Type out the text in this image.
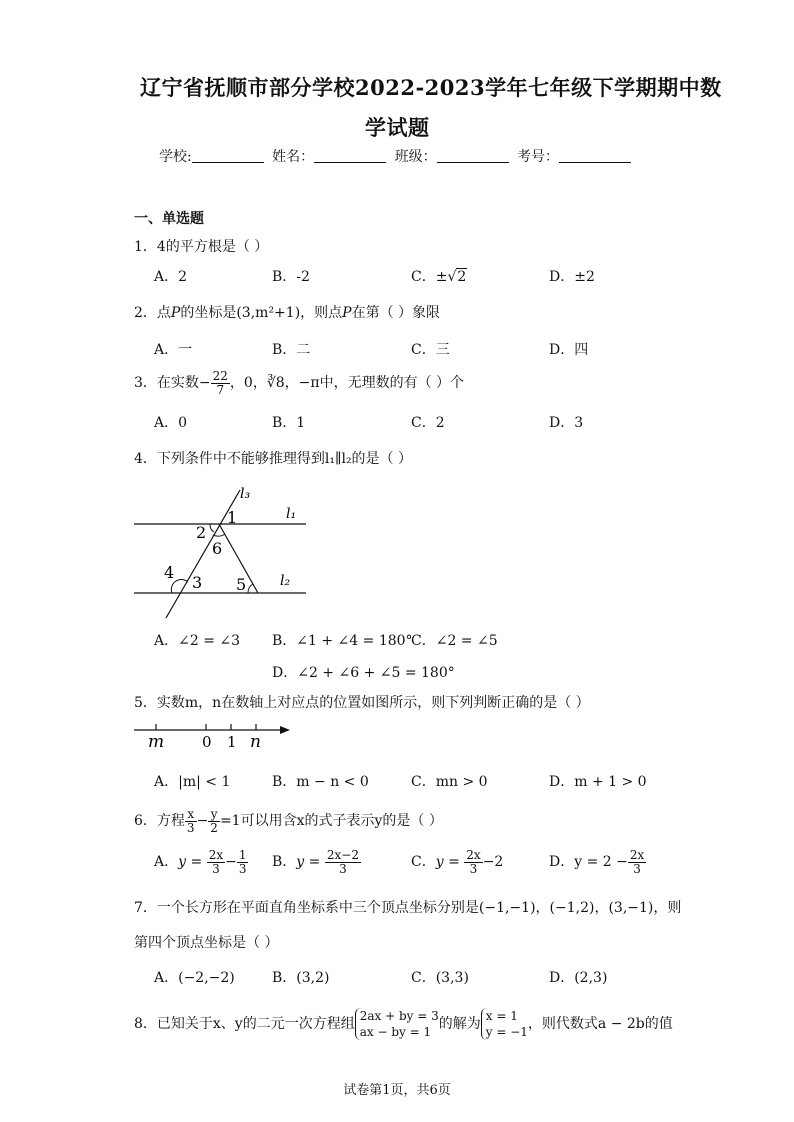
辽宁省抚顺市部分学校2022-2023学年七年级下学期期中数
学试题
学校:	姓名：	班级：	考号：
一、单选题
1．4的平方根是（ ）
A．2	B．-2	C．±√2	D．±2
2．点P的坐标是(3,m²+1)，则点P在第（ ）象限
A．一	B．二	C．三	D．四
3．在实数− $\frac{22}{7}$ ，0，∛8，−π中，无理数的有（ ）个
A．0	B．1	C．2	D．3
4．下列条件中不能够推理得到l₁∥l₂的是（ ）
l₃
l₁
l₂
1
2
6
4
3 5
A．∠2 = ∠3 B．∠1 + ∠4 = 180°
C．∠2 = ∠5
D．∠2 + ∠6 + ∠5 = 180°
5．实数m，n在数轴上对应点的位置如图所示，则下列判断正确的是（ ）
m	0 1 n
A．|m| < 1	B．m − n < 0	C．mn > 0	D．m + 1 > 0
6．方程 $\frac{x}{3} - \frac{y}{2} =1$可以用含x的式子表示y的是（ ）
A．$y = \frac{2x}{3} - \frac{1}{3}$ B．$y = \frac{2x-2}{3}$	C．$y = \frac{2x}{3} -2$	D．$y = 2 - \frac{2x}{3}$
7．一个长方形在平面直角坐标系中三个顶点坐标分别是(−1,−1)，(−1,2)，(3,−1)，则
第四个顶点坐标是（ ）
A．(−2,−2)	B．(3,2)	C．(3,3)	D．(2,3)
8．已知关于x、y的二元一次方程组
2ax + by = 3
ax − by = 1 的解为
x = 1
y = −1 ，则代数式a − 2b的值
试卷第1页，共6页
